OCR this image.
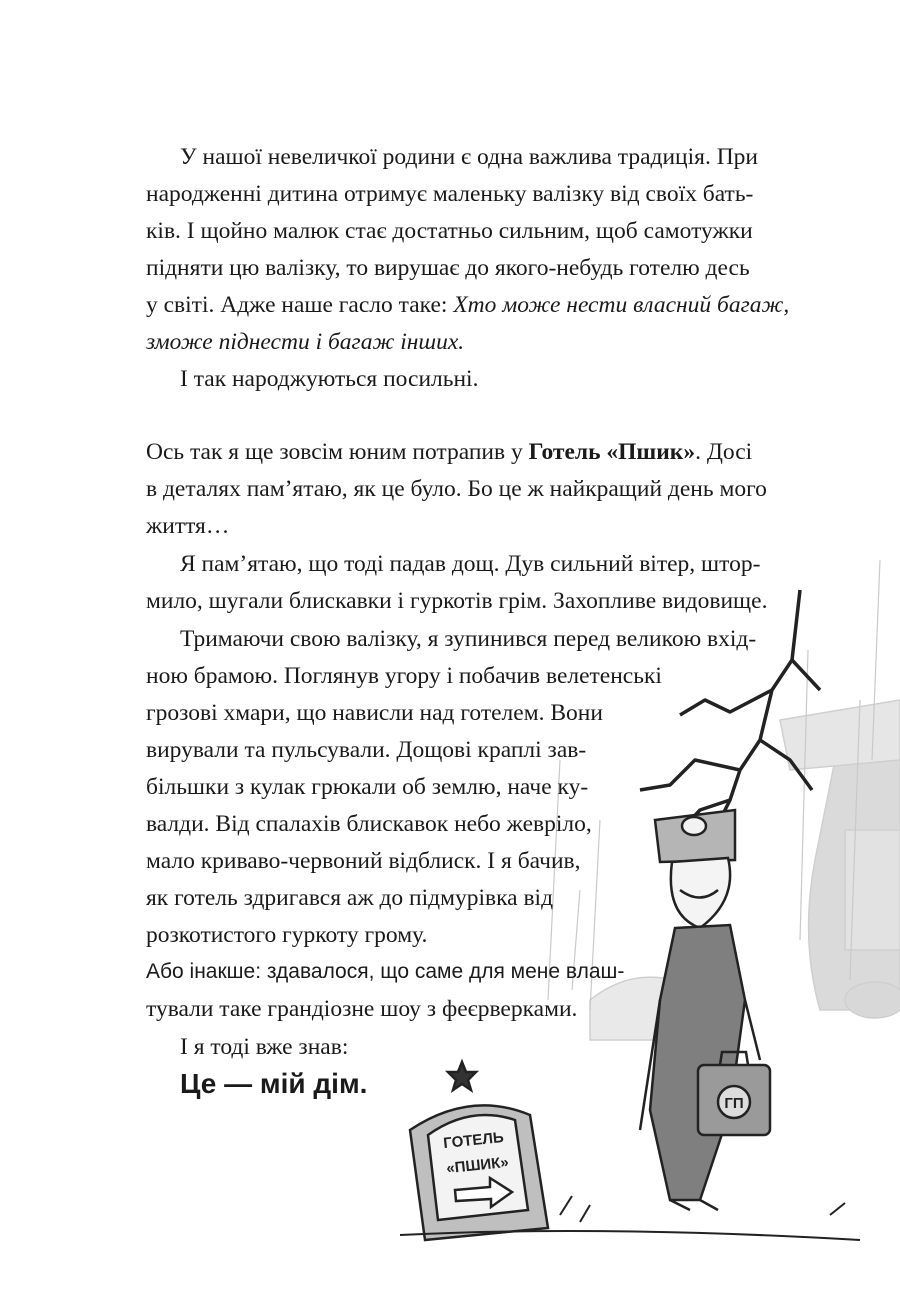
ГОТЕЛЬ
«ПШИК»
ГП

У нашої невеличкої родини є одна важлива традиція. При

народженні дитина отримує маленьку валізку від своїх бать-

ків. І щойно малюк стає достатньо сильним, щоб самотужки

підняти цю валізку, то вирушає до якого-небудь готелю десь

у світі. Адже наше гасло таке: Хто може нести власний багаж,

зможе піднести і багаж інших.

І так народжуються посильні.

Ось так я ще зовсім юним потрапив у Готель «Пшик». Досі

в деталях пам’ятаю, як це було. Бо це ж найкращий день мого

життя…

Я пам’ятаю, що тоді падав дощ. Дув сильний вітер, штор-

мило, шугали блискавки і гуркотів грім. Захопливе видовище.

Тримаючи свою валізку, я зупинився перед великою вхід-

ною брамою. Поглянув угору і побачив велетенські

грозові хмари, що нависли над готелем. Вони

вирували та пульсували. Дощові краплі зав-

більшки з кулак грюкали об землю, наче ку-

валди. Від спалахів блискавок небо жевріло,

мало криваво-червоний відблиск. І я бачив,

як готель здригався аж до підмурівка від

розкотистого гуркоту грому.

Або інакше: здавалося, що саме для мене влаш-

тували таке грандіозне шоу з феєрверками.

І я тоді вже знав:

Це — мій дім.
